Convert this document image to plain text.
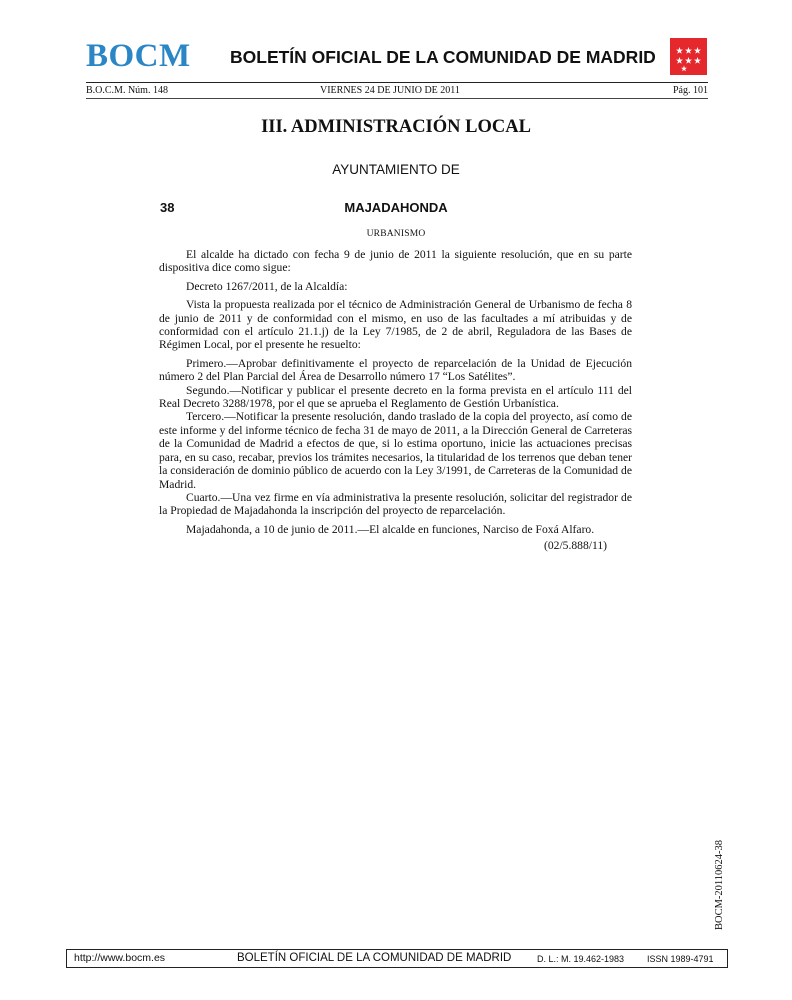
BOCM BOLETÍN OFICIAL DE LA COMUNIDAD DE MADRID
B.O.C.M. Núm. 148	VIERNES 24 DE JUNIO DE 2011	Pág. 101
III. ADMINISTRACIÓN LOCAL
AYUNTAMIENTO DE
38	MAJADAHONDA
URBANISMO

El alcalde ha dictado con fecha 9 de junio de 2011 la siguiente resolución, que en su parte dispositiva dice como sigue:

Decreto 1267/2011, de la Alcaldía:

Vista la propuesta realizada por el técnico de Administración General de Urbanismo de fecha 8 de junio de 2011 y de conformidad con el mismo, en uso de las facultades a mí atribuidas y de conformidad con el artículo 21.1.j) de la Ley 7/1985, de 2 de abril, Reguladora de las Bases de Régimen Local, por el presente he resuelto:

Primero.—Aprobar definitivamente el proyecto de reparcelación de la Unidad de Ejecución número 2 del Plan Parcial del Área de Desarrollo número 17 “Los Satélites”.

Segundo.—Notificar y publicar el presente decreto en la forma prevista en el artículo 111 del Real Decreto 3288/1978, por el que se aprueba el Reglamento de Gestión Urbanística.

Tercero.—Notificar la presente resolución, dando traslado de la copia del proyecto, así como de este informe y del informe técnico de fecha 31 de mayo de 2011, a la Dirección General de Carreteras de la Comunidad de Madrid a efectos de que, si lo estima oportuno, inicie las actuaciones precisas para, en su caso, recabar, previos los trámites necesarios, la titularidad de los terrenos que deban tener la consideración de dominio público de acuerdo con la Ley 3/1991, de Carreteras de la Comunidad de Madrid.

Cuarto.—Una vez firme en vía administrativa la presente resolución, solicitar del registrador de la Propiedad de Majadahonda la inscripción del proyecto de reparcelación.

Majadahonda, a 10 de junio de 2011.—El alcalde en funciones, Narciso de Foxá Alfaro.

(02/5.888/11)
BOCM-20110624-38
http://www.bocm.es	BOLETÍN OFICIAL DE LA COMUNIDAD DE MADRID	D. L.: M. 19.462-1983	ISSN 1989-4791
